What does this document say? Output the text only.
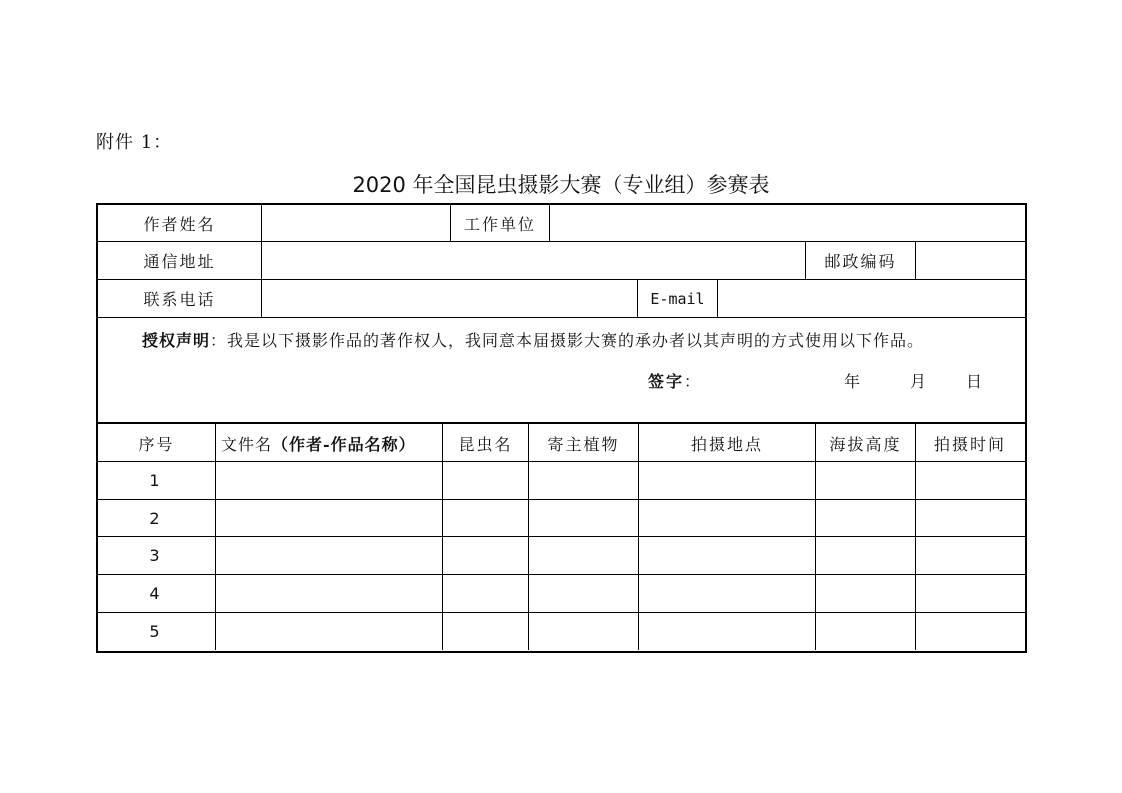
附件 1：
2020 年全国昆虫摄影大赛（专业组）参赛表
作者姓名	工作单位
通信地址	邮政编码
联系电话	E-mail
授权声明 ： 我是以下摄影作品的著作权人，我同意本届摄影大赛的承办者以其声明的方式使用以下作品。
签字 ：	年	月 日
序号	文件名 （作者-作品名称）	昆虫名	寄主植物	拍摄地点	海拔高度	拍摄时间
1
2
3
4
5
